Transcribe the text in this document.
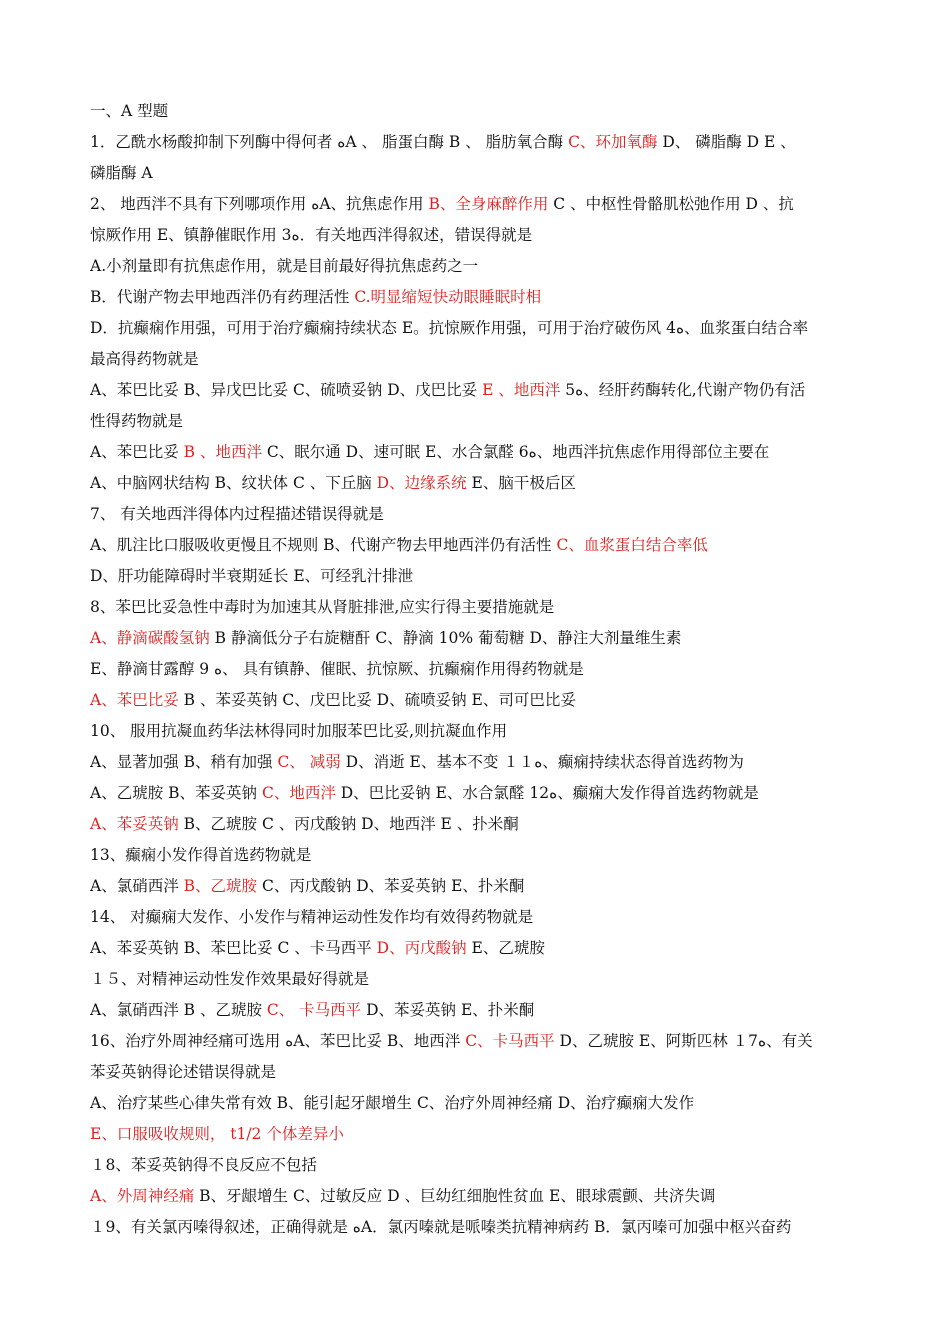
一、A 型题
1．乙酰水杨酸抑制下列酶中得何者 ﻩA 、 脂蛋白酶 B 、 脂肪氧合酶 C、环加氧酶 D、 磷脂酶 D E 、
磷脂酶 A
2、 地西泮不具有下列哪项作用 ﻩA、抗焦虑作用 B、全身麻醉作用 C 、中枢性骨骼肌松弛作用 D 、抗
惊厥作用 E、镇静催眠作用 3ﻩ．有关地西泮得叙述，错误得就是
A.小剂量即有抗焦虑作用，就是目前最好得抗焦虑药之一
B．代谢产物去甲地西泮仍有药理活性 C.明显缩短快动眼睡眠时相
D．抗癫痫作用强，可用于治疗癫痫持续状态 E。抗惊厥作用强，可用于治疗破伤风 4ﻩ、血浆蛋白结合率
最高得药物就是
A、苯巴比妥 B、异戊巴比妥 C、硫喷妥钠 D、戊巴比妥 E 、地西泮 5ﻩ、经肝药酶转化,代谢产物仍有活
性得药物就是
A、苯巴比妥 B 、地西泮 C、眠尔通 D、速可眠 E、水合氯醛 6ﻩ、地西泮抗焦虑作用得部位主要在
A、中脑网状结构 B、纹状体 C 、下丘脑 D、边缘系统 E、脑干极后区
7、 有关地西泮得体内过程描述错误得就是
A、肌注比口服吸收更慢且不规则 B、代谢产物去甲地西泮仍有活性 C、血浆蛋白结合率低
D、肝功能障碍时半衰期延长 E、可经乳汁排泄
8、苯巴比妥急性中毒时为加速其从肾脏排泄,应实行得主要措施就是
A、静滴碳酸氢钠 B 静滴低分子右旋糖酐 C、静滴 10% 葡萄糖 D、静注大剂量维生素
E、静滴甘露醇 9 ﻩ、 具有镇静、催眠、抗惊厥、抗癫痫作用得药物就是
A、苯巴比妥 B 、苯妥英钠 C、戊巴比妥 D、硫喷妥钠 E、司可巴比妥
10、 服用抗凝血药华法林得同时加服苯巴比妥,则抗凝血作用
A、显著加强 B、稍有加强 C、 减弱 D、消逝 E、基本不变 １１ﻩ、癫痫持续状态得首选药物为
A、乙琥胺 B、苯妥英钠 C、地西泮 D、巴比妥钠 E、水合氯醛 12ﻩ、癫痫大发作得首选药物就是
A、苯妥英钠 B、乙琥胺 C 、丙戊酸钠 D、地西泮 E 、扑米酮
13、癫痫小发作得首选药物就是
A、氯硝西泮 B、乙琥胺 C、丙戊酸钠 D、苯妥英钠 E、扑米酮
14、 对癫痫大发作、小发作与精神运动性发作均有效得药物就是
A、苯妥英钠 B、苯巴比妥 C 、卡马西平 D、丙戊酸钠 E、乙琥胺
１５、对精神运动性发作效果最好得就是
A、氯硝西泮 B 、乙琥胺 C、 卡马西平 D、苯妥英钠 E、扑米酮
16、治疗外周神经痛可选用 ﻩA、苯巴比妥 B、地西泮 C、卡马西平 D、乙琥胺 E、阿斯匹林 １7ﻩ、有关
苯妥英钠得论述错误得就是
A、治疗某些心律失常有效 B、能引起牙龈增生 C、治疗外周神经痛 D、治疗癫痫大发作
E、口服吸收规则， t1/2 个体差异小
１8、苯妥英钠得不良反应不包括
A、外周神经痛 B、牙龈增生 C、过敏反应 D 、巨幼红细胞性贫血 E、眼球震颤、共济失调
１9、有关氯丙嗪得叙述，正确得就是 ﻩA．氯丙嗪就是哌嗪类抗精神病药 B．氯丙嗪可加强中枢兴奋药
